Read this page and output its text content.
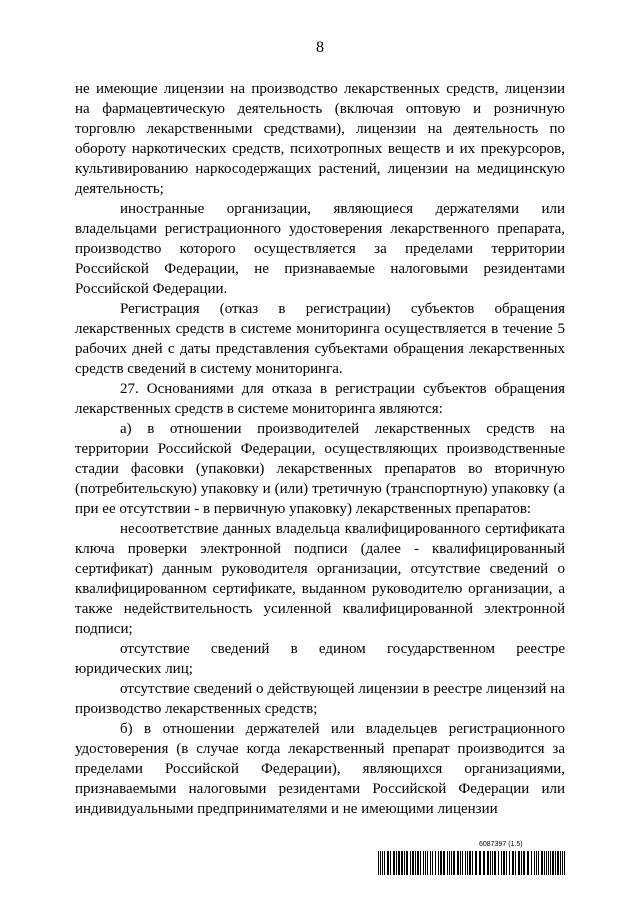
8

не имеющие лицензии на производство лекарственных средств, лицензии на фармацевтическую деятельность (включая оптовую и розничную торговлю лекарственными средствами), лицензии на деятельность по обороту наркотических средств, психотропных веществ и их прекурсоров, культивированию наркосодержащих растений, лицензии на медицинскую деятельность;

иностранные организации, являющиеся держателями или владельцами регистрационного удостоверения лекарственного препарата, производство которого осуществляется за пределами территории Российской Федерации, не признаваемые налоговыми резидентами Российской Федерации.

Регистрация (отказ в регистрации) субъектов обращения лекарственных средств в системе мониторинга осуществляется в течение 5 рабочих дней с даты представления субъектами обращения лекарственных средств сведений в систему мониторинга.

27. Основаниями для отказа в регистрации субъектов обращения лекарственных средств в системе мониторинга являются:

а) в отношении производителей лекарственных средств на территории Российской Федерации, осуществляющих производственные стадии фасовки (упаковки) лекарственных препаратов во вторичную (потребительскую) упаковку и (или) третичную (транспортную) упаковку (а при ее отсутствии - в первичную упаковку) лекарственных препаратов:

несоответствие данных владельца квалифицированного сертификата ключа проверки электронной подписи (далее - квалифицированный сертификат) данным руководителя организации, отсутствие сведений о квалифицированном сертификате, выданном руководителю организации, а также недействительность усиленной квалифицированной электронной подписи;

отсутствие сведений в едином государственном реестре юридических лиц;

отсутствие сведений о действующей лицензии в реестре лицензий на производство лекарственных средств;

б) в отношении держателей или владельцев регистрационного удостоверения (в случае когда лекарственный препарат производится за пределами Российской Федерации), являющихся организациями, признаваемыми налоговыми резидентами Российской Федерации или индивидуальными предпринимателями и не имеющими лицензии

6087397 (1.5)
